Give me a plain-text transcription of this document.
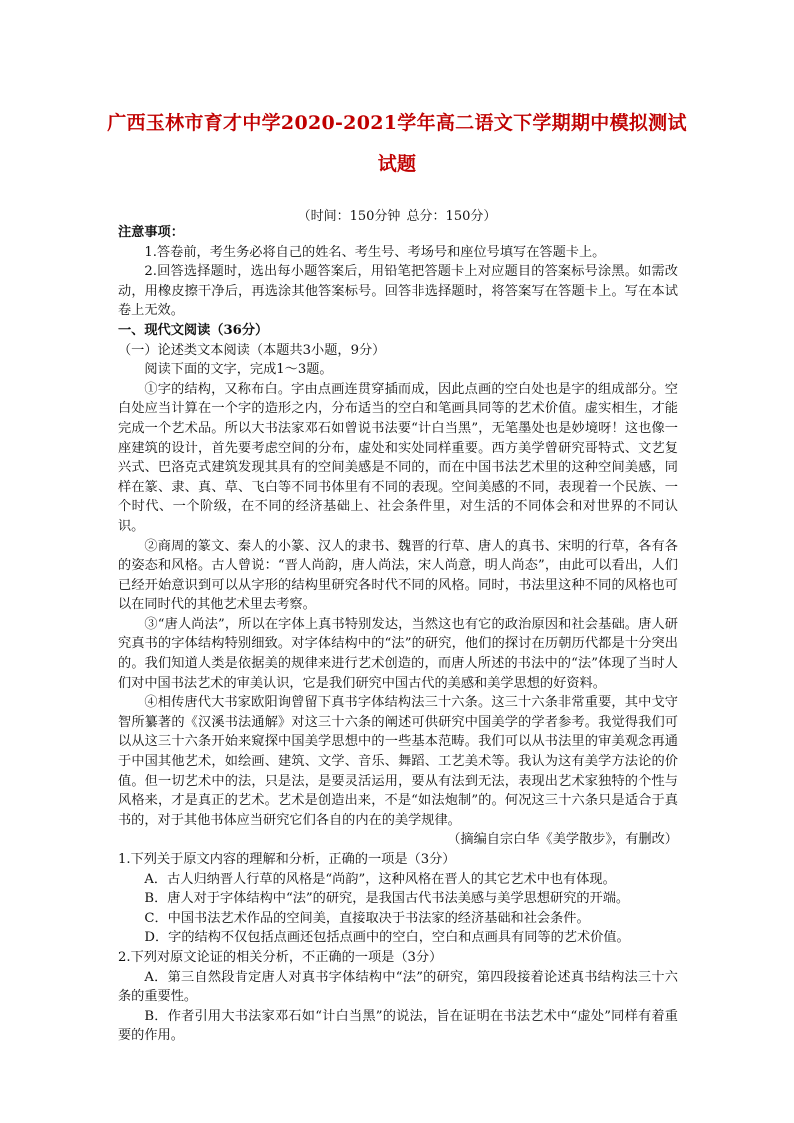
广西玉林市育才中学2020-2021学年高二语文下学期期中模拟测试
试题
（时间：150分钟 总分：150分）

注意事项：

1.答卷前，考生务必将自己的姓名、考生号、考场号和座位号填写在答题卡上。

2.回答选择题时，选出每小题答案后，用铅笔把答题卡上对应题目的答案标号涂黑。如需改动，用橡皮擦干净后，再选涂其他答案标号。回答非选择题时，将答案写在答题卡上。写在本试卷上无效。

一、现代文阅读（36分）

（一）论述类文本阅读（本题共3小题，9分）

阅读下面的文字，完成1～3题。

①字的结构，又称布白。字由点画连贯穿插而成，因此点画的空白处也是字的组成部分。空白处应当计算在一个字的造形之内，分布适当的空白和笔画具同等的艺术价值。虚实相生，才能完成一个艺术品。所以大书法家邓石如曾说书法要“计白当黑”，无笔墨处也是妙境呀！这也像一座建筑的设计，首先要考虑空间的分布，虚处和实处同样重要。西方美学曾研究哥特式、文艺复兴式、巴洛克式建筑发现其具有的空间美感是不同的，而在中国书法艺术里的这种空间美感，同样在篆、隶、真、草、飞白等不同书体里有不同的表现。空间美感的不同，表现着一个民族、一个时代、一个阶级，在不同的经济基础上、社会条件里，对生活的不同体会和对世界的不同认识。

②商周的篆文、秦人的小篆、汉人的隶书、魏晋的行草、唐人的真书、宋明的行草，各有各的姿态和风格。古人曾说：“晋人尚韵，唐人尚法，宋人尚意，明人尚态”，由此可以看出，人们已经开始意识到可以从字形的结构里研究各时代不同的风格。同时，书法里这种不同的风格也可以在同时代的其他艺术里去考察。

③“唐人尚法”，所以在字体上真书特别发达，当然这也有它的政治原因和社会基础。唐人研究真书的字体结构特别细致。对字体结构中的“法”的研究，他们的探讨在历朝历代都是十分突出的。我们知道人类是依据美的规律来进行艺术创造的，而唐人所述的书法中的“法”体现了当时人们对中国书法艺术的审美认识，它是我们研究中国古代的美感和美学思想的好资料。

④相传唐代大书家欧阳询曾留下真书字体结构法三十六条。这三十六条非常重要，其中戈守智所纂著的《汉溪书法通解》对这三十六条的阐述可供研究中国美学的学者参考。我觉得我们可以从这三十六条开始来窥探中国美学思想中的一些基本范畴。我们可以从书法里的审美观念再通于中国其他艺术，如绘画、建筑、文学、音乐、舞蹈、工艺美术等。我认为这有美学方法论的价值。但一切艺术中的法，只是法，是要灵活运用，要从有法到无法，表现出艺术家独特的个性与风格来，才是真正的艺术。艺术是创造出来，不是“如法炮制”的。何况这三十六条只是适合于真书的，对于其他书体应当研究它们各自的内在的美学规律。

（摘编自宗白华《美学散步》，有删改）

1.下列关于原文内容的理解和分析，正确的一项是（3分）

A．古人归纳晋人行草的风格是“尚韵”，这种风格在晋人的其它艺术中也有体现。

B．唐人对于字体结构中“法”的研究，是我国古代书法美感与美学思想研究的开端。

C．中国书法艺术作品的空间美，直接取决于书法家的经济基础和社会条件。

D．字的结构不仅包括点画还包括点画中的空白，空白和点画具有同等的艺术价值。

2.下列对原文论证的相关分析，不正确的一项是（3分）

A．第三自然段肯定唐人对真书字体结构中“法”的研究，第四段接着论述真书结构法三十六条的重要性。

B．作者引用大书法家邓石如“计白当黑”的说法，旨在证明在书法艺术中“虚处”同样有着重要的作用。
